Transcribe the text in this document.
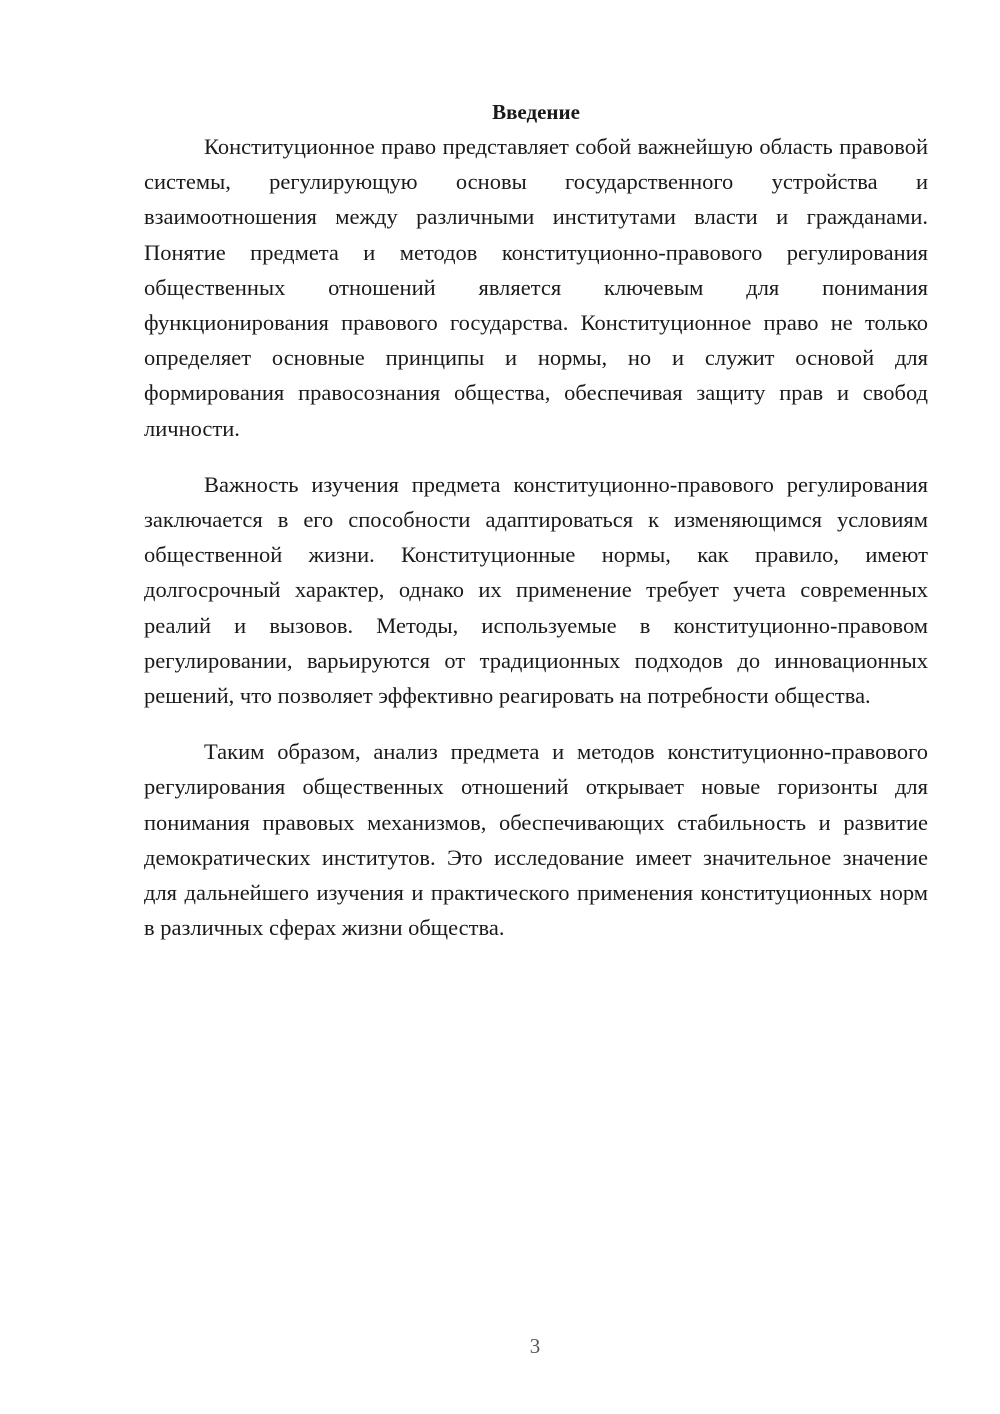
Введение

Конституционное право представляет собой важнейшую область правовой системы, регулирующую основы государственного устройства и взаимоотношения между различными институтами власти и гражданами. Понятие предмета и методов конституционно-правового регулирования общественных отношений является ключевым для понимания функционирования правового государства. Конституционное право не только определяет основные принципы и нормы, но и служит основой для формирования правосознания общества, обеспечивая защиту прав и свобод личности.

Важность изучения предмета конституционно-правового регулирования заключается в его способности адаптироваться к изменяющимся условиям общественной жизни. Конституционные нормы, как правило, имеют долгосрочный характер, однако их применение требует учета современных реалий и вызовов. Методы, используемые в конституционно-правовом регулировании, варьируются от традиционных подходов до инновационных решений, что позволяет эффективно реагировать на потребности общества.

Таким образом, анализ предмета и методов конституционно-правового регулирования общественных отношений открывает новые горизонты для понимания правовых механизмов, обеспечивающих стабильность и развитие демократических институтов. Это исследование имеет значительное значение для дальнейшего изучения и практического применения конституционных норм в различных сферах жизни общества.

3
